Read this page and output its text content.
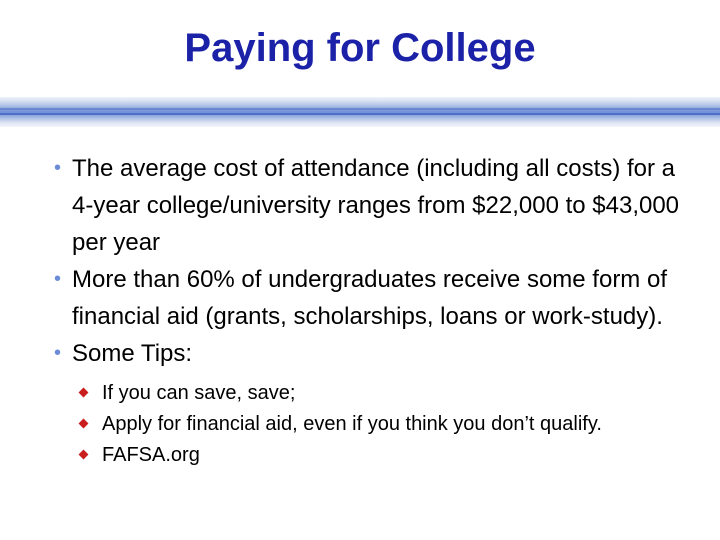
Paying for College
• The average cost of attendance (including all costs) for a 4-year college/university ranges from $22,000 to $43,000 per year
• More than 60% of undergraduates receive some form of financial aid (grants, scholarships, loans or work-study).
• Some Tips:
If you can save, save;
Apply for financial aid, even if you think you don’t qualify.
FAFSA.org
